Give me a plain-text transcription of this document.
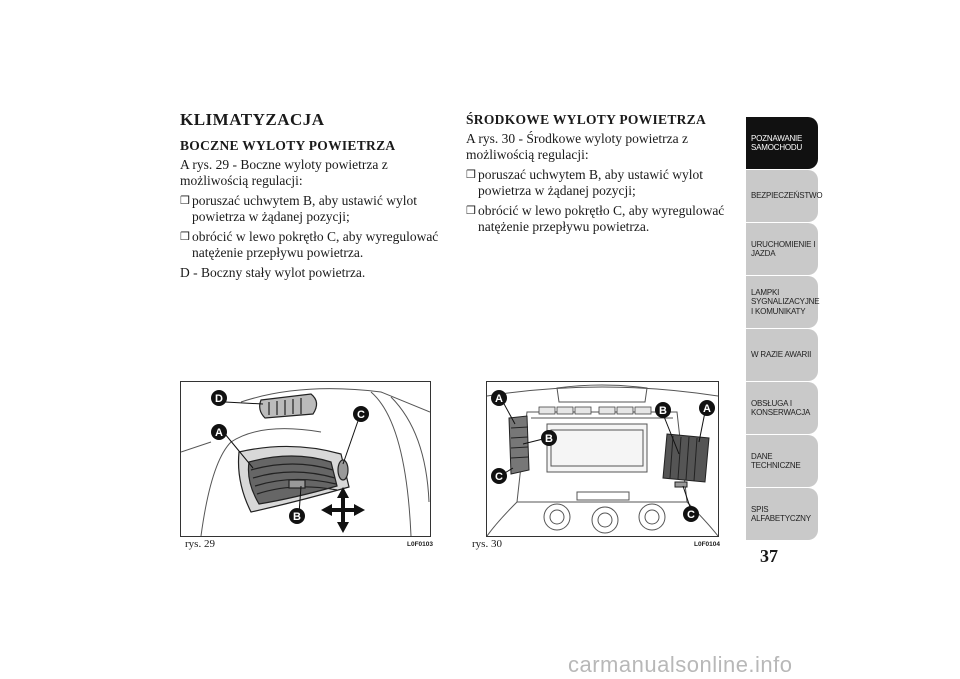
KLIMATYZACJA
BOCZNE WYLOTY POWIETRZA

A rys. 29 - Boczne wyloty powietrza z możliwością regulacji:

❒ poruszać uchwytem B, aby ustawić wylot powietrza w żądanej pozycji;
❒ obrócić w lewo pokrętło C, aby wyregulować natężenie przepływu powietrza.

D - Boczny stały wylot powietrza.

ŚRODKOWE WYLOTY POWIETRZA

A rys. 30 - Środkowe wyloty powietrza z możliwością regulacji:

❒ poruszać uchwytem B, aby ustawić wylot powietrza w żądanej pozycji;
❒ obrócić w lewo pokrętło C, aby wyregulować natężenie przepływu powietrza.
D
C
A
B
rys. 29	L0F0103
A
B
A
B
C
C
rys. 30	L0F0104
POZNAWANIE
SAMOCHODU
BEZPIECZEŃSTWO
URUCHOMIENIE I
JAZDA
LAMPKI
SYGNALIZACYJNE
I KOMUNIKATY
W RAZIE AWARII
OBSŁUGA I
KONSERWACJA
DANE
TECHNICZNE
SPIS
ALFABETYCZNY
37
carmanualsonline.info
